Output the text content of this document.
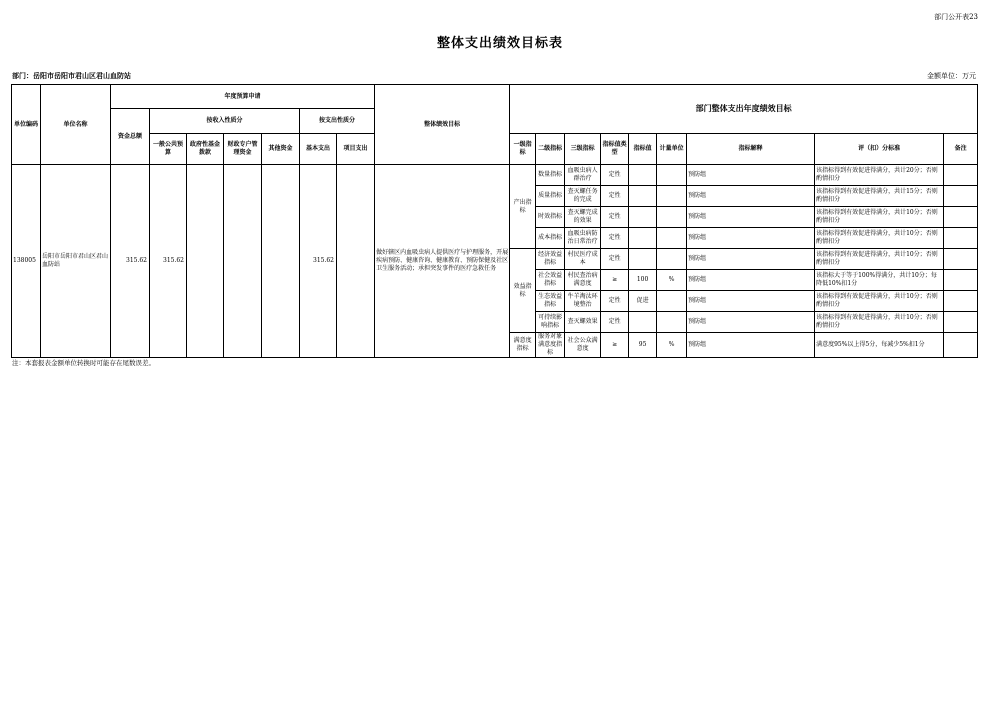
部门公开表23
整体支出绩效目标表
部门：岳阳市岳阳市君山区君山血防站	金额单位：万元
单位编码	单位名称	年度预算申请							整体绩效目标	部门整体支出年度绩效目标								
		资金总额	按收入性质分				按支出性质分											
			一般公共预算	政府性基金拨款	财政专户管理资金	其他资金	基本支出	项目支出		一级指标	二级指标	三级指标	指标值类型	指标值	计量单位	指标解释	评（扣）分标准	备注
138005	岳阳市岳阳市君山区君山血防站	315.62	315.62				315.62		做好辖区内血吸虫病人提供医疗与护理服务，开展疾病预防、健康咨询、健康教育、预防保健及社区卫生服务活动；承担突发事件的医疗急救任务	产出指标	数量指标	血吸虫病人群治疗	定性			预防组	该指标得到有效促进得满分，共计20分；否则酌情扣分	
											质量指标	查灭螺任务的完成	定性			预防组	该指标得到有效促进得满分，共计15分；否则酌情扣分	
											时效指标	查灭螺完成的效果	定性			预防组	该指标得到有效促进得满分，共计10分；否则酌情扣分	
											成本指标	血吸虫病防治日常治疗	定性			预防组	该指标得到有效促进得满分，共计10分；否则酌情扣分	
										效益指标	经济效益指标	村民医疗成本	定性			预防组	该指标得到有效促进得满分，共计10分；否则酌情扣分	
											社会效益指标	村民查治病满意度	≥	100	%	预防组	该指标大于等于100%得满分，共计10分；每降低10%扣1分	
											生态效益指标	牛羊淘汰环境整治	定性	促进		预防组	该指标得到有效促进得满分，共计10分；否则酌情扣分	
											可持续影响指标	查灭螺效果	定性			预防组	该指标得到有效促进得满分，共计10分；否则酌情扣分	
										满意度指标	服务对象满意度指标	社会公众满意度	≥	95	%	预防组	满意度95%以上得5分，每减少5%扣1分	
注：本套报表金额单位转换时可能存在尾数误差。
